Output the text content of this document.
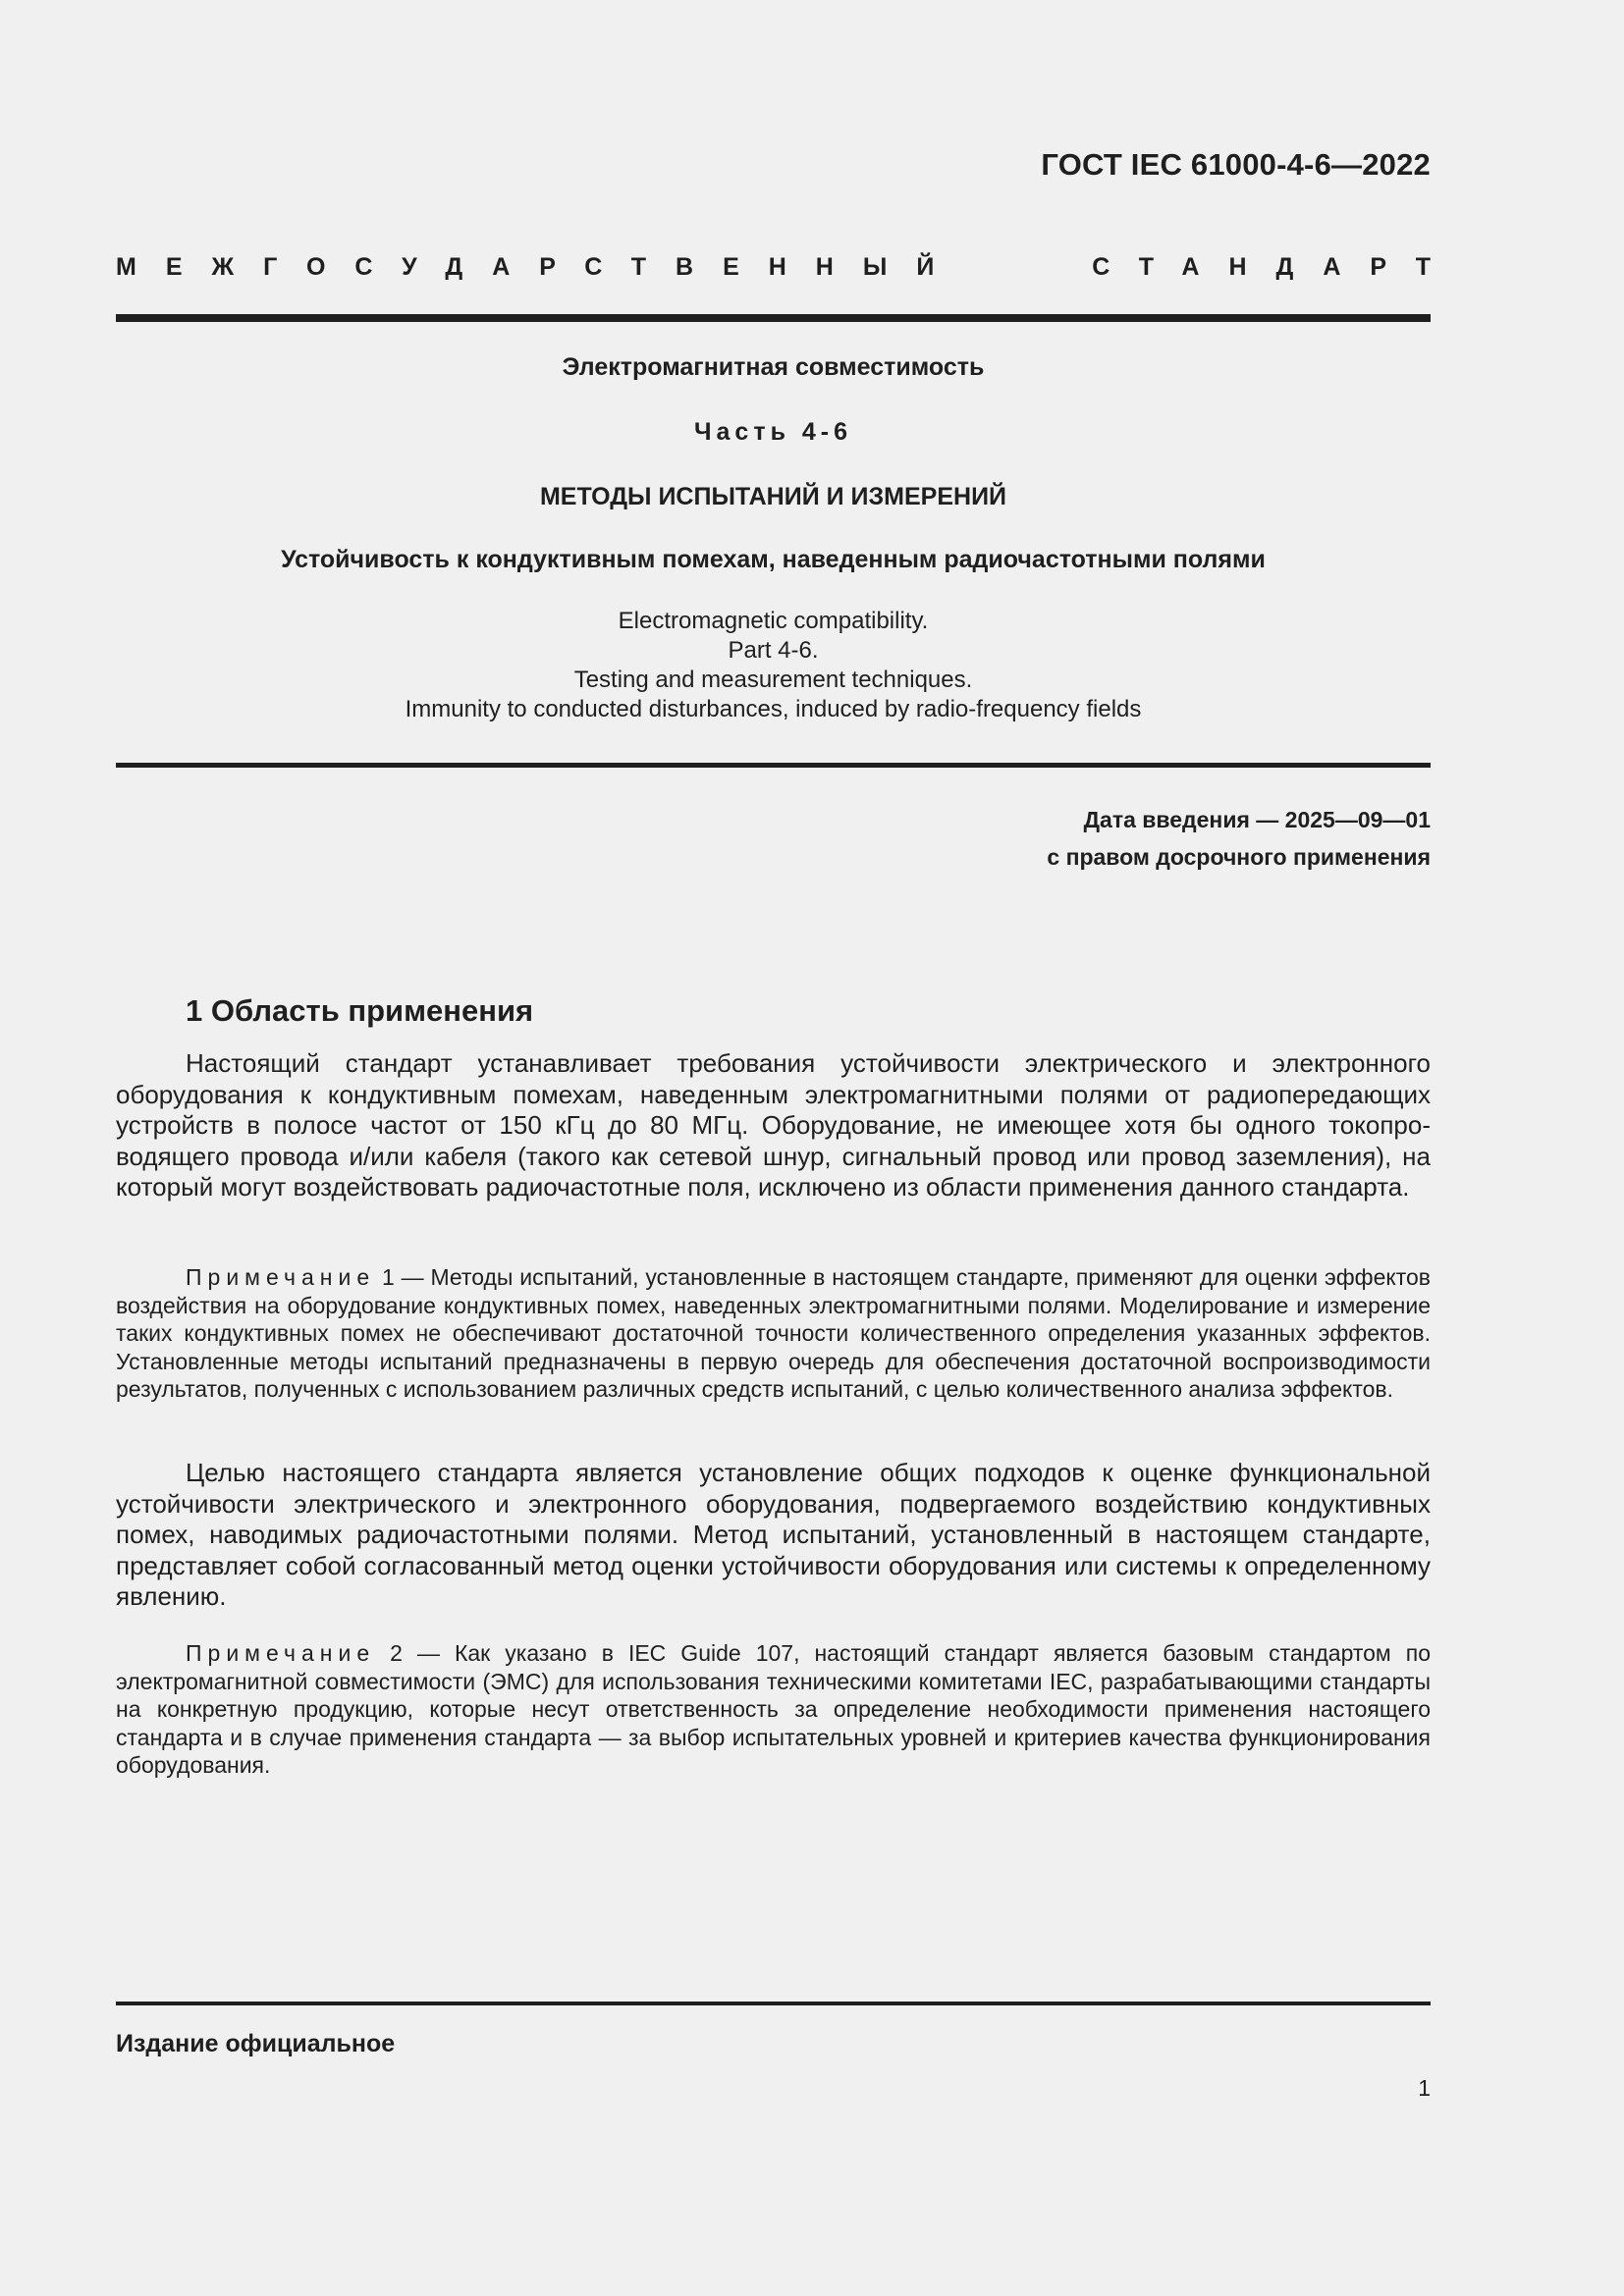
ГОСТ IEC 61000-4-6—2022
МЕЖГОСУДАРСТВЕННЫЙ	СТАНДАРТ
Электромагнитная совместимость
Часть 4-6
МЕТОДЫ ИСПЫТАНИЙ И ИЗМЕРЕНИЙ
Устойчивость к кондуктивным помехам, наведенным радиочастотными полями
Electromagnetic compatibility.
Part 4-6.
Testing and measurement techniques.
Immunity to conducted disturbances, induced by radio-frequency fields
Дата введения — 2025—09—01
с правом досрочного применения
1 Область применения

Настоящий стандарт устанавливает требования устойчивости электрического и электронного оборудования к кондуктивным помехам, наведенным электромагнитными полями от радиопередающих устройств в полосе частот от 150 кГц до 80 МГц. Оборудование, не имеющее хотя бы одного токопроводящего провода и/или кабеля (такого как сетевой шнур, сигнальный провод или провод заземления), на который могут воздействовать радиочастотные поля, исключено из области применения данного стандарта.

Примечание 1 — Методы испытаний, установленные в настоящем стандарте, применяют для оценки эффектов воздействия на оборудование кондуктивных помех, наведенных электромагнитными полями. Моделирование и измерение таких кондуктивных помех не обеспечивают достаточной точности количественного определения указанных эффектов. Установленные методы испытаний предназначены в первую очередь для обеспечения достаточной воспроизводимости результатов, полученных с использованием различных средств испытаний, с целью количественного анализа эффектов.

Целью настоящего стандарта является установление общих подходов к оценке функциональной устойчивости электрического и электронного оборудования, подвергаемого воздействию кондуктивных помех, наводимых радиочастотными полями. Метод испытаний, установленный в настоящем стандарте, представляет собой согласованный метод оценки устойчивости оборудования или системы к определенному явлению.

Примечание 2 — Как указано в IEC Guide 107, настоящий стандарт является базовым стандартом по электромагнитной совместимости (ЭМС) для использования техническими комитетами IEC, разрабатывающими стандарты на конкретную продукцию, которые несут ответственность за определение необходимости применения настоящего стандарта и в случае применения стандарта — за выбор испытательных уровней и критериев качества функционирования оборудования.

Издание официальное
1
